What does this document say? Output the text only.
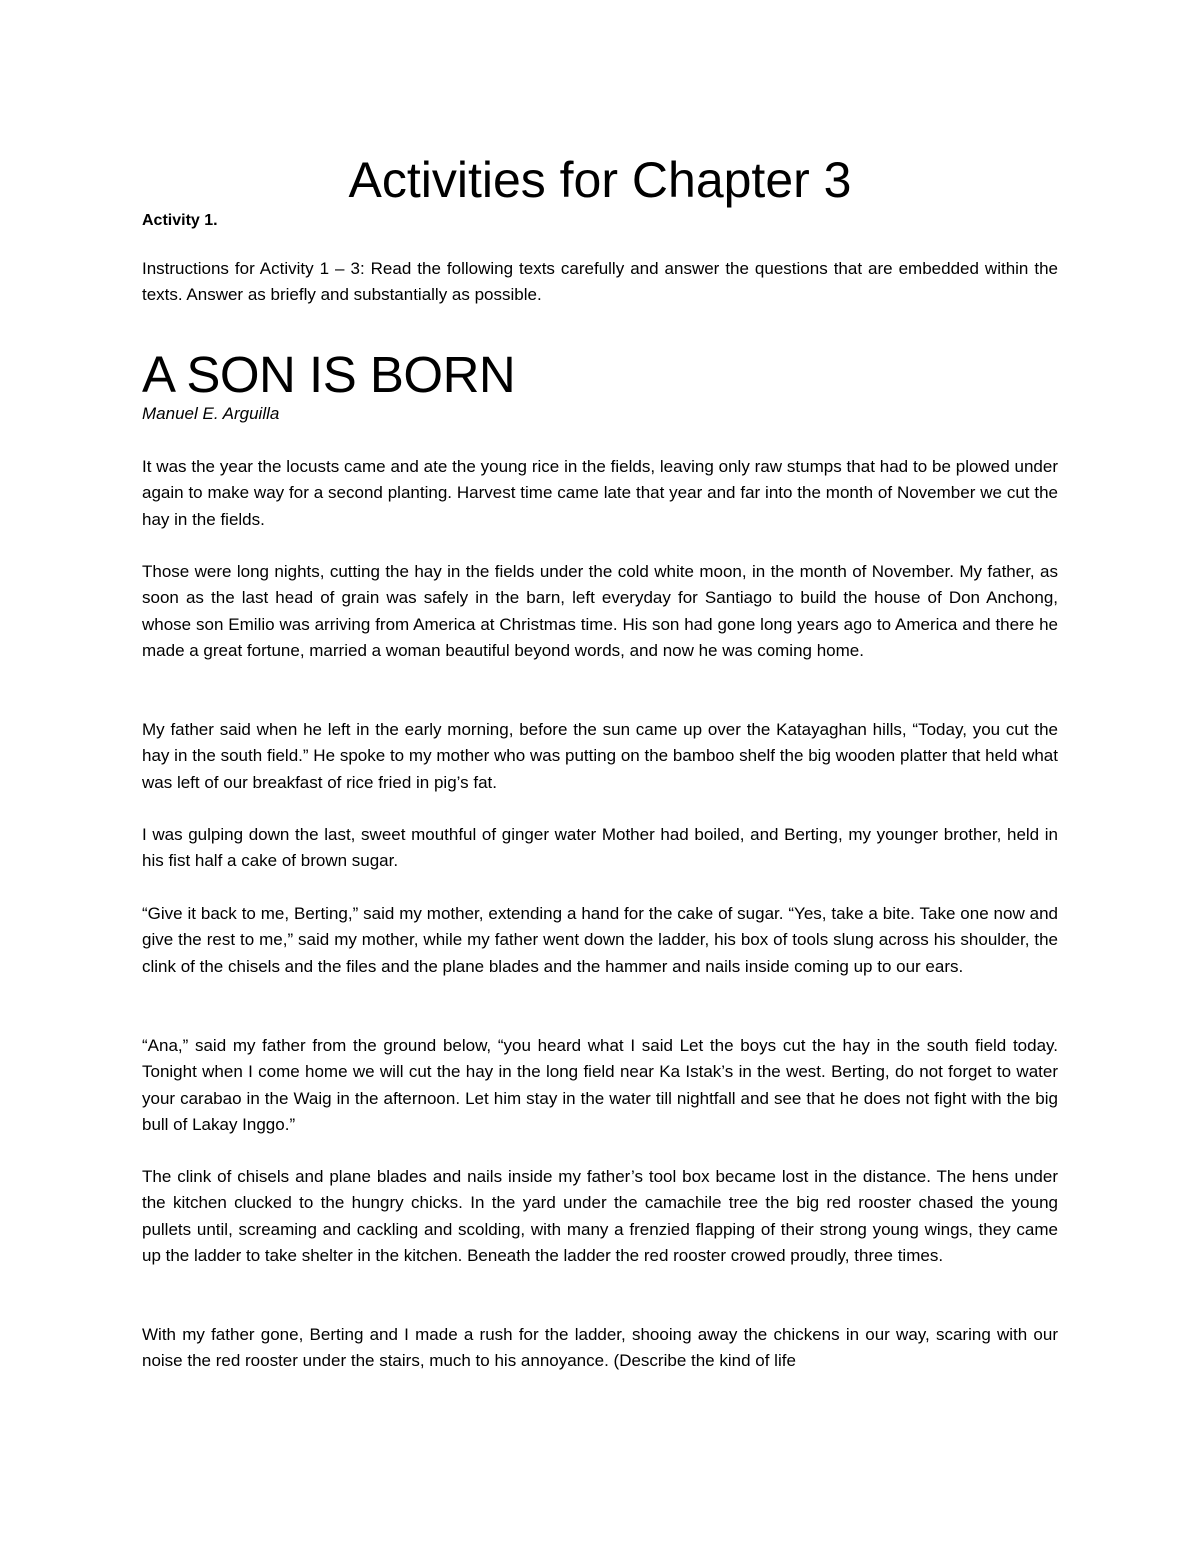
Activities for Chapter 3

Activity 1.

Instructions for Activity 1 – 3: Read the following texts carefully and answer the questions that are embedded within the texts. Answer as briefly and substantially as possible.

A SON IS BORN

Manuel E. Arguilla

It was the year the locusts came and ate the young rice in the fields, leaving only raw stumps that had to be plowed under again to make way for a second planting. Harvest time came late that year and far into the month of November we cut the hay in the fields.

Those were long nights, cutting the hay in the fields under the cold white moon, in the month of November. My father, as soon as the last head of grain was safely in the barn, left everyday for Santiago to build the house of Don Anchong, whose son Emilio was arriving from America at Christmas time. His son had gone long years ago to America and there he made a great fortune, married a woman beautiful beyond words, and now he was coming home.

My father said when he left in the early morning, before the sun came up over the Katayaghan hills, “Today, you cut the hay in the south field.” He spoke to my mother who was putting on the bamboo shelf the big wooden platter that held what was left of our breakfast of rice fried in pig’s fat.

I was gulping down the last, sweet mouthful of ginger water Mother had boiled, and Berting, my younger brother, held in his fist half a cake of brown sugar.

“Give it back to me, Berting,” said my mother, extending a hand for the cake of sugar. “Yes, take a bite. Take one now and give the rest to me,” said my mother, while my father went down the ladder, his box of tools slung across his shoulder, the clink of the chisels and the files and the plane blades and the hammer and nails inside coming up to our ears.

“Ana,” said my father from the ground below, “you heard what I said Let the boys cut the hay in the south field today. Tonight when I come home we will cut the hay in the long field near Ka Istak’s in the west. Berting, do not forget to water your carabao in the Waig in the afternoon. Let him stay in the water till nightfall and see that he does not fight with the big bull of Lakay Inggo.”

The clink of chisels and plane blades and nails inside my father’s tool box became lost in the distance. The hens under the kitchen clucked to the hungry chicks. In the yard under the camachile tree the big red rooster chased the young pullets until, screaming and cackling and scolding, with many a frenzied flapping of their strong young wings, they came up the ladder to take shelter in the kitchen. Beneath the ladder the red rooster crowed proudly, three times.

With my father gone, Berting and I made a rush for the ladder, shooing away the chickens in our way, scaring with our noise the red rooster under the stairs, much to his annoyance. (Describe the kind of life
